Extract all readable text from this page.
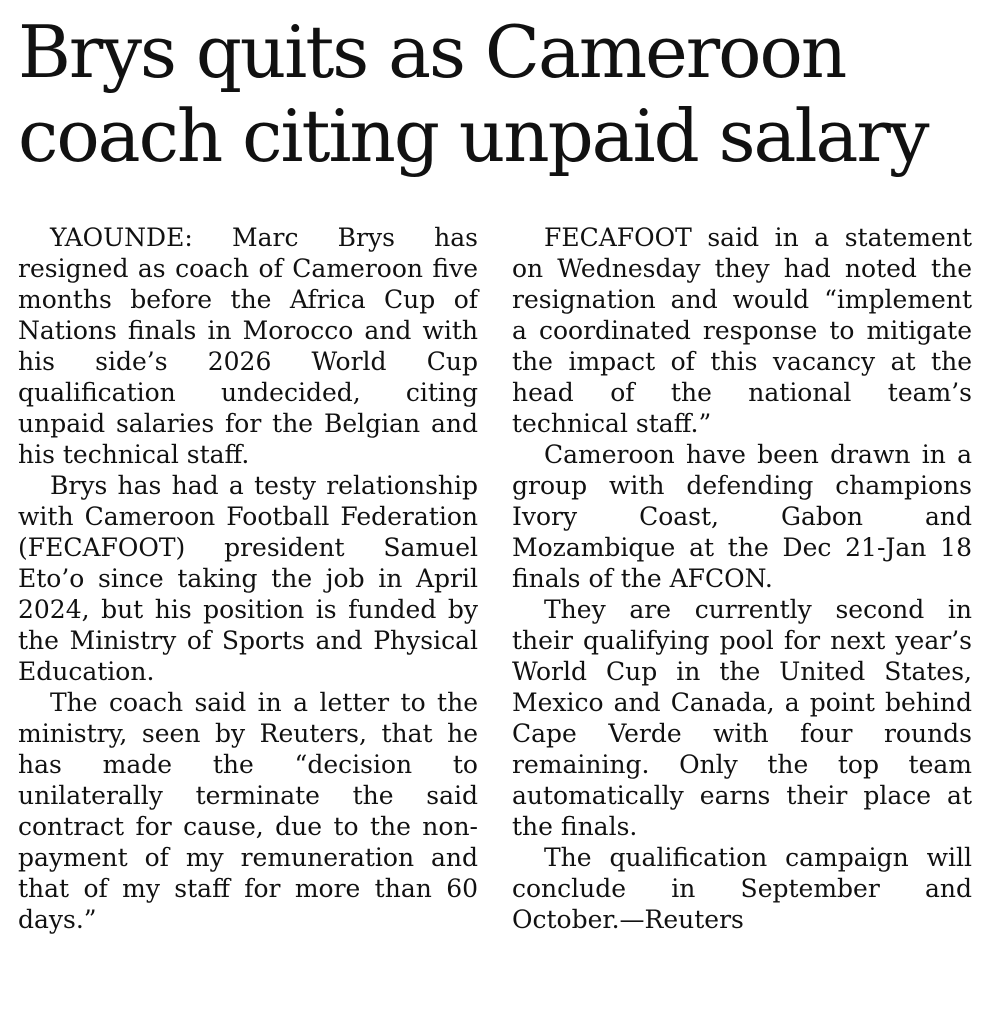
Brys quits as Cameroon
coach citing unpaid salary

YAOUNDE: Marc Brys has resigned as coach of Cameroon five months before the Africa Cup of Nations finals in Morocco and with his side’s 2026 World Cup qualification undecided, citing unpaid salaries for the Belgian and his technical staff.

Brys has had a testy relationship with Cameroon Football Federation (FECAFOOT) president Samuel Eto’o since taking the job in April 2024, but his position is funded by the Ministry of Sports and Physical Education.

The coach said in a letter to the ministry, seen by Reuters, that he has made the “decision to unilaterally terminate the said contract for cause, due to the non-payment of my remuneration and that of my staff for more than 60 days.”

FECAFOOT said in a statement on Wednesday they had noted the resignation and would “implement a coordinated response to mitigate the impact of this vacancy at the head of the national team’s technical staff.”

Cameroon have been drawn in a group with defending champions Ivory Coast, Gabon and Mozambique at the Dec 21-Jan 18 finals of the AFCON.

They are currently second in their qualifying pool for next year’s World Cup in the United States, Mexico and Canada, a point behind Cape Verde with four rounds remaining. Only the top team automatically earns their place at the finals.

The qualification campaign will conclude in September and October.—Reuters
